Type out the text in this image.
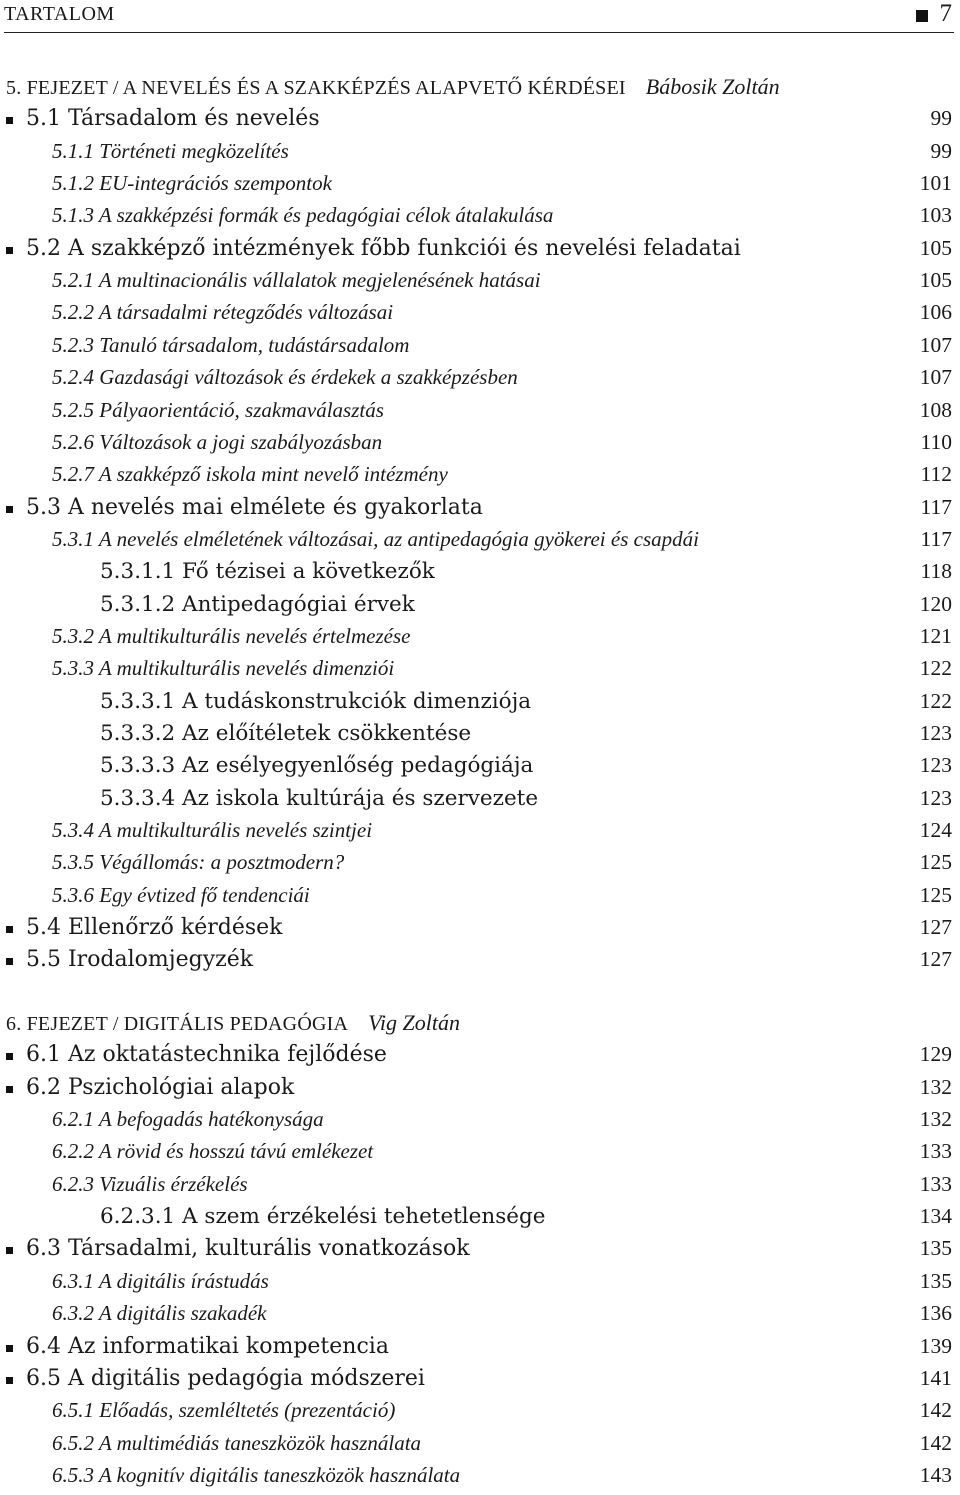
TARTALOM	7
5. FEJEZET / A NEVELÉS ÉS A SZAKKÉPZÉS ALAPVETŐ KÉRDÉSEI Bábosik Zoltán
5.1 Társadalom és nevelés	99
5.1.1 Történeti megközelítés	99
5.1.2 EU-integrációs szempontok	101
5.1.3 A szakképzési formák és pedagógiai célok átalakulása	103
5.2 A szakképző intézmények főbb funkciói és nevelési feladatai	105
5.2.1 A multinacionális vállalatok megjelenésének hatásai	105
5.2.2 A társadalmi rétegződés változásai	106
5.2.3 Tanuló társadalom, tudástársadalom	107
5.2.4 Gazdasági változások és érdekek a szakképzésben	107
5.2.5 Pályaorientáció, szakmaválasztás	108
5.2.6 Változások a jogi szabályozásban	110
5.2.7 A szakképző iskola mint nevelő intézmény	112
5.3 A nevelés mai elmélete és gyakorlata	117
5.3.1 A nevelés elméletének változásai, az antipedagógia gyökerei és csapdái	117
5.3.1.1 Fő tézisei a következők	118
5.3.1.2 Antipedagógiai érvek	120
5.3.2 A multikulturális nevelés értelmezése	121
5.3.3 A multikulturális nevelés dimenziói	122
5.3.3.1 A tudáskonstrukciók dimenziója	122
5.3.3.2 Az előítéletek csökkentése	123
5.3.3.3 Az esélyegyenlőség pedagógiája	123
5.3.3.4 Az iskola kultúrája és szervezete	123
5.3.4 A multikulturális nevelés szintjei	124
5.3.5 Végállomás: a posztmodern?	125
5.3.6 Egy évtized fő tendenciái	125
5.4 Ellenőrző kérdések	127
5.5 Irodalomjegyzék	127
6. FEJEZET / DIGITÁLIS PEDAGÓGIA Vig Zoltán
6.1 Az oktatástechnika fejlődése	129
6.2 Pszichológiai alapok	132
6.2.1 A befogadás hatékonysága	132
6.2.2 A rövid és hosszú távú emlékezet	133
6.2.3 Vizuális érzékelés	133
6.2.3.1 A szem érzékelési tehetetlensége	134
6.3 Társadalmi, kulturális vonatkozások	135
6.3.1 A digitális írástudás	135
6.3.2 A digitális szakadék	136
6.4 Az informatikai kompetencia	139
6.5 A digitális pedagógia módszerei	141
6.5.1 Előadás, szemléltetés (prezentáció)	142
6.5.2 A multimédiás taneszközök használata	142
6.5.3 A kognitív digitális taneszközök használata	143
